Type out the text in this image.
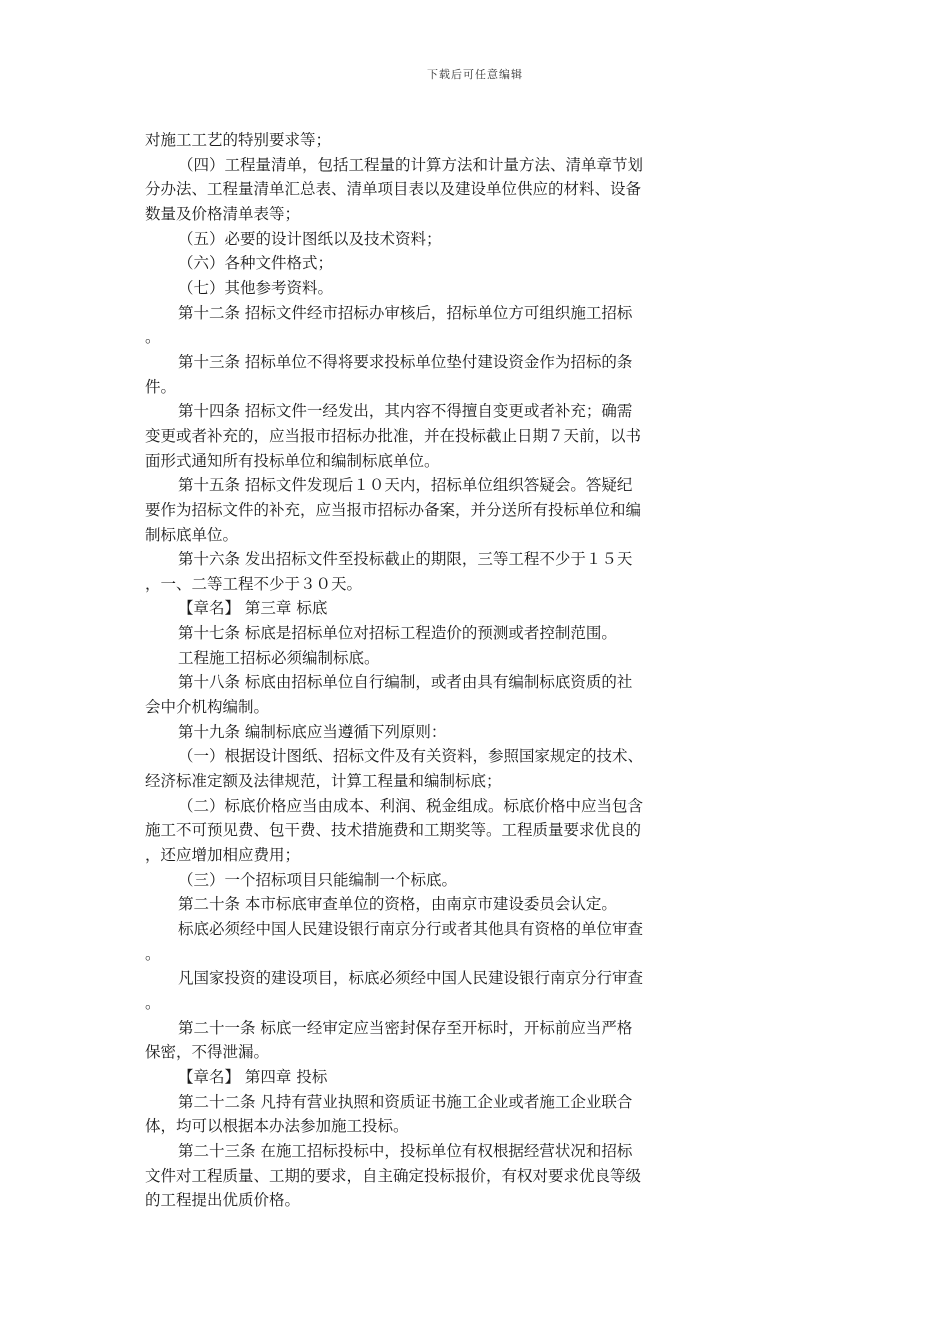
下载后可任意编辑
对施工工艺的特别要求等；
（四）工程量清单，包括工程量的计算方法和计量方法、清单章节划
分办法、工程量清单汇总表、清单项目表以及建设单位供应的材料、设备
数量及价格清单表等；
（五）必要的设计图纸以及技术资料；
（六）各种文件格式；
（七）其他参考资料。
第十二条 招标文件经市招标办审核后，招标单位方可组织施工招标
。
第十三条 招标单位不得将要求投标单位垫付建设资金作为招标的条
件。
第十四条 招标文件一经发出，其内容不得擅自变更或者补充；确需
变更或者补充的，应当报市招标办批准，并在投标截止日期７天前，以书
面形式通知所有投标单位和编制标底单位。
第十五条 招标文件发现后１０天内，招标单位组织答疑会。答疑纪
要作为招标文件的补充，应当报市招标办备案，并分送所有投标单位和编
制标底单位。
第十六条 发出招标文件至投标截止的期限，三等工程不少于１５天
，一、二等工程不少于３０天。
【章名】 第三章 标底
第十七条 标底是招标单位对招标工程造价的预测或者控制范围。
工程施工招标必须编制标底。
第十八条 标底由招标单位自行编制，或者由具有编制标底资质的社
会中介机构编制。
第十九条 编制标底应当遵循下列原则：
（一）根据设计图纸、招标文件及有关资料，参照国家规定的技术、
经济标准定额及法律规范，计算工程量和编制标底；
（二）标底价格应当由成本、利润、税金组成。标底价格中应当包含
施工不可预见费、包干费、技术措施费和工期奖等。工程质量要求优良的
，还应增加相应费用；
（三）一个招标项目只能编制一个标底。
第二十条 本市标底审查单位的资格，由南京市建设委员会认定。
标底必须经中国人民建设银行南京分行或者其他具有资格的单位审查
。
凡国家投资的建设项目，标底必须经中国人民建设银行南京分行审查
。
第二十一条 标底一经审定应当密封保存至开标时，开标前应当严格
保密，不得泄漏。
【章名】 第四章 投标
第二十二条 凡持有营业执照和资质证书施工企业或者施工企业联合
体，均可以根据本办法参加施工投标。
第二十三条 在施工招标投标中，投标单位有权根据经营状况和招标
文件对工程质量、工期的要求，自主确定投标报价，有权对要求优良等级
的工程提出优质价格。
